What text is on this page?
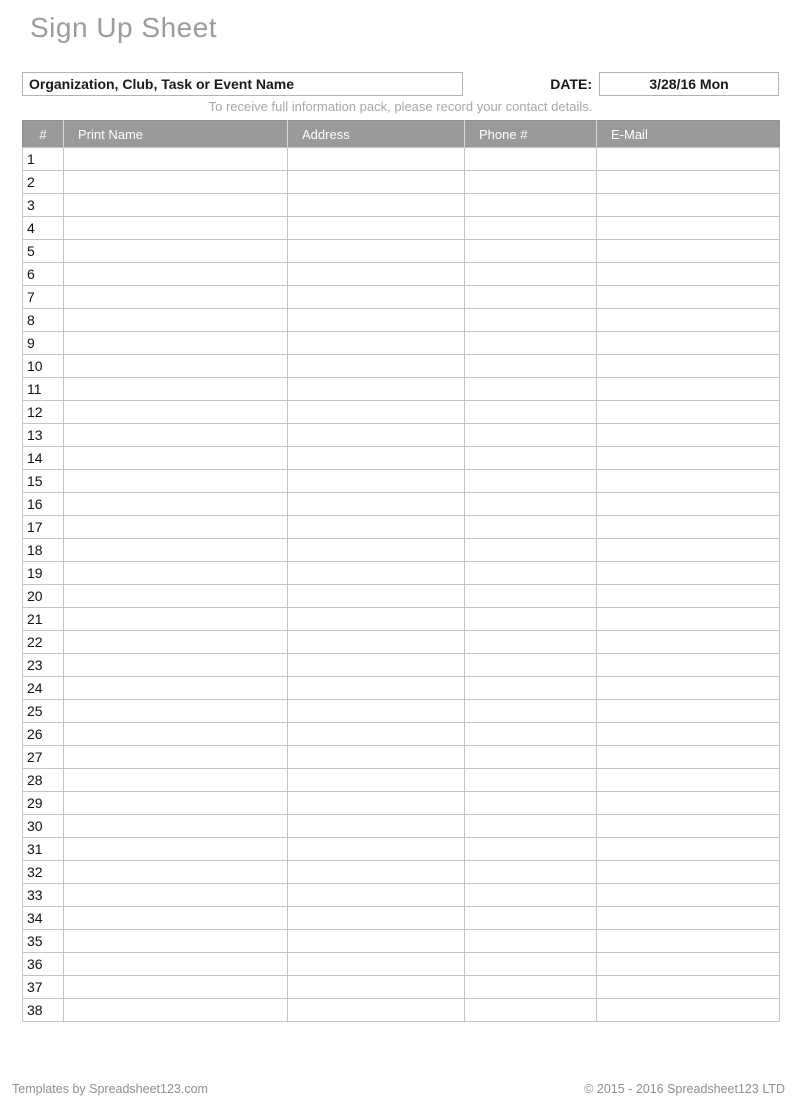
Sign Up Sheet
Organization, Club, Task or Event Name	DATE:	3/28/16 Mon
To receive full information pack, please record your contact details.
#	Print Name	Address	Phone #	E-Mail
1				
2				
3				
4				
5				
6				
7				
8				
9				
10				
11				
12				
13				
14				
15				
16				
17				
18				
19				
20				
21				
22				
23				
24				
25				
26				
27				
28				
29				
30				
31				
32				
33				
34				
35				
36				
37				
38				
Templates by Spreadsheet123.com	© 2015 - 2016 Spreadsheet123 LTD
